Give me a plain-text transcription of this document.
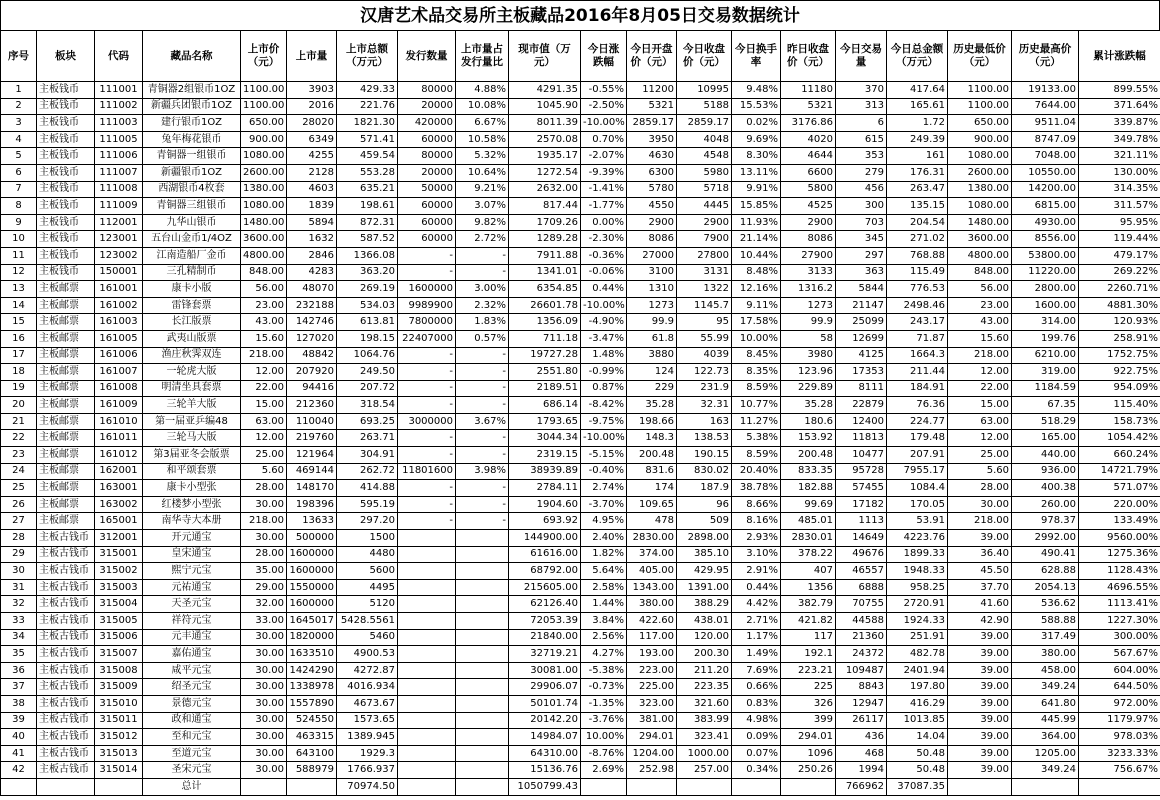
汉唐艺术品交易所主板藏品2016年8月05日交易数据统计
序号	板块	代码	藏品名称	上市价（元）	上市量	上市总额（万元）	发行数量	上市量占发行量比	现市值（万元）	今日涨跌幅	今日开盘价（元）	今日收盘价（元）	今日换手率	昨日收盘价（元）	今日交易量	今日总金额（万元）	历史最低价（元）	历史最高价（元）	累计涨跌幅
1	主板钱币	111001	青铜器2组银币1OZ	1100.00	3903	429.33	80000	4.88%	4291.35	-0.55%	11200	10995	9.48%	11180	370	417.64	1100.00	19133.00	899.55%
2	主板钱币	111002	新疆兵团银币1OZ	1100.00	2016	221.76	20000	10.08%	1045.90	-2.50%	5321	5188	15.53%	5321	313	165.61	1100.00	7644.00	371.64%
3	主板钱币	111003	建行银币1OZ	650.00	28020	1821.30	420000	6.67%	8011.39	-10.00%	2859.17	2859.17	0.02%	3176.86	6	1.72	650.00	9511.04	339.87%
4	主板钱币	111005	兔年梅花银币	900.00	6349	571.41	60000	10.58%	2570.08	0.70%	3950	4048	9.69%	4020	615	249.39	900.00	8747.09	349.78%
5	主板钱币	111006	青铜器一组银币	1080.00	4255	459.54	80000	5.32%	1935.17	-2.07%	4630	4548	8.30%	4644	353	161	1080.00	7048.00	321.11%
6	主板钱币	111007	新疆银币1OZ	2600.00	2128	553.28	20000	10.64%	1272.54	-9.39%	6300	5980	13.11%	6600	279	176.31	2600.00	10550.00	130.00%
7	主板钱币	111008	西湖银币4枚套	1380.00	4603	635.21	50000	9.21%	2632.00	-1.41%	5780	5718	9.91%	5800	456	263.47	1380.00	14200.00	314.35%
8	主板钱币	111009	青铜器三组银币	1080.00	1839	198.61	60000	3.07%	817.44	-1.77%	4550	4445	15.85%	4525	300	135.15	1080.00	6815.00	311.57%
9	主板钱币	112001	九华山银币	1480.00	5894	872.31	60000	9.82%	1709.26	0.00%	2900	2900	11.93%	2900	703	204.54	1480.00	4930.00	95.95%
10	主板钱币	123001	五台山金币1/4OZ	3600.00	1632	587.52	60000	2.72%	1289.28	-2.30%	8086	7900	21.14%	8086	345	271.02	3600.00	8556.00	119.44%
11	主板钱币	123002	江南造船厂金币	4800.00	2846	1366.08	-	-	7911.88	-0.36%	27000	27800	10.44%	27900	297	768.88	4800.00	53800.00	479.17%
12	主板钱币	150001	三孔精制币	848.00	4283	363.20	-	-	1341.01	-0.06%	3100	3131	8.48%	3133	363	115.49	848.00	11220.00	269.22%
13	主板邮票	161001	康卡小版	56.00	48070	269.19	1600000	3.00%	6354.85	0.44%	1310	1322	12.16%	1316.2	5844	776.53	56.00	2800.00	2260.71%
14	主板邮票	161002	雷锋套票	23.00	232188	534.03	9989900	2.32%	26601.78	-10.00%	1273	1145.7	9.11%	1273	21147	2498.46	23.00	1600.00	4881.30%
15	主板邮票	161003	长江版票	43.00	142746	613.81	7800000	1.83%	1356.09	-4.90%	99.9	95	17.58%	99.9	25099	243.17	43.00	314.00	120.93%
16	主板邮票	161005	武夷山版票	15.60	127020	198.15	22407000	0.57%	711.18	-3.47%	61.8	55.99	10.00%	58	12699	71.87	15.60	199.76	258.91%
17	主板邮票	161006	渔庄秋霁双连	218.00	48842	1064.76	-	-	19727.28	1.48%	3880	4039	8.45%	3980	4125	1664.3	218.00	6210.00	1752.75%
18	主板邮票	161007	一轮虎大版	12.00	207920	249.50	-	-	2551.80	-0.99%	124	122.73	8.35%	123.96	17353	211.44	12.00	319.00	922.75%
19	主板邮票	161008	明清坐具套票	22.00	94416	207.72	-	-	2189.51	0.87%	229	231.9	8.59%	229.89	8111	184.91	22.00	1184.59	954.09%
20	主板邮票	161009	三轮羊大版	15.00	212360	318.54	-	-	686.14	-8.42%	35.28	32.31	10.77%	35.28	22879	76.36	15.00	67.35	115.40%
21	主板邮票	161010	第一届亚乒编48	63.00	110040	693.25	3000000	3.67%	1793.65	-9.75%	198.66	163	11.27%	180.6	12400	224.77	63.00	518.29	158.73%
22	主板邮票	161011	三轮马大版	12.00	219760	263.71	-	-	3044.34	-10.00%	148.3	138.53	5.38%	153.92	11813	179.48	12.00	165.00	1054.42%
23	主板邮票	161012	第3届亚冬会版票	25.00	121964	304.91	-	-	2319.15	-5.15%	200.48	190.15	8.59%	200.48	10477	207.91	25.00	440.00	660.24%
24	主板邮票	162001	和平颂套票	5.60	469144	262.72	11801600	3.98%	38939.89	-0.40%	831.6	830.02	20.40%	833.35	95728	7955.17	5.60	936.00	14721.79%
25	主板邮票	163001	康卡小型张	28.00	148170	414.88	-	-	2784.11	2.74%	174	187.9	38.78%	182.88	57455	1084.4	28.00	400.38	571.07%
26	主板邮票	163002	红楼梦小型张	30.00	198396	595.19	-	-	1904.60	-3.70%	109.65	96	8.66%	99.69	17182	170.05	30.00	260.00	220.00%
27	主板邮票	165001	南华寺大本册	218.00	13633	297.20	-	-	693.92	4.95%	478	509	8.16%	485.01	1113	53.91	218.00	978.37	133.49%
28	主板古钱币	312001	开元通宝	30.00	500000	1500			144900.00	2.40%	2830.00	2898.00	2.93%	2830.01	14649	4223.76	39.00	2992.00	9560.00%
29	主板古钱币	315001	皇宋通宝	28.00	1600000	4480			61616.00	1.82%	374.00	385.10	3.10%	378.22	49676	1899.33	36.40	490.41	1275.36%
30	主板古钱币	315002	熙宁元宝	35.00	1600000	5600			68792.00	5.64%	405.00	429.95	2.91%	407	46557	1948.33	45.50	628.88	1128.43%
31	主板古钱币	315003	元祐通宝	29.00	1550000	4495			215605.00	2.58%	1343.00	1391.00	0.44%	1356	6888	958.25	37.70	2054.13	4696.55%
32	主板古钱币	315004	天圣元宝	32.00	1600000	5120			62126.40	1.44%	380.00	388.29	4.42%	382.79	70755	2720.91	41.60	536.62	1113.41%
33	主板古钱币	315005	祥符元宝	33.00	1645017	5428.5561			72053.39	3.84%	422.60	438.01	2.71%	421.82	44588	1924.33	42.90	588.88	1227.30%
34	主板古钱币	315006	元丰通宝	30.00	1820000	5460			21840.00	2.56%	117.00	120.00	1.17%	117	21360	251.91	39.00	317.49	300.00%
35	主板古钱币	315007	嘉佑通宝	30.00	1633510	4900.53			32719.21	4.27%	193.00	200.30	1.49%	192.1	24372	482.78	39.00	380.00	567.67%
36	主板古钱币	315008	咸平元宝	30.00	1424290	4272.87			30081.00	-5.38%	223.00	211.20	7.69%	223.21	109487	2401.94	39.00	458.00	604.00%
37	主板古钱币	315009	绍圣元宝	30.00	1338978	4016.934			29906.07	-0.73%	225.00	223.35	0.66%	225	8843	197.80	39.00	349.24	644.50%
38	主板古钱币	315010	景德元宝	30.00	1557890	4673.67			50101.74	-1.35%	323.00	321.60	0.83%	326	12947	416.29	39.00	641.80	972.00%
39	主板古钱币	315011	政和通宝	30.00	524550	1573.65			20142.20	-3.76%	381.00	383.99	4.98%	399	26117	1013.85	39.00	445.99	1179.97%
40	主板古钱币	315012	至和元宝	30.00	463315	1389.945			14984.07	10.00%	294.01	323.41	0.09%	294.01	436	14.04	39.00	364.00	978.03%
41	主板古钱币	315013	至道元宝	30.00	643100	1929.3			64310.00	-8.76%	1204.00	1000.00	0.07%	1096	468	50.48	39.00	1205.00	3233.33%
42	主板古钱币	315014	圣宋元宝	30.00	588979	1766.937			15136.76	2.69%	252.98	257.00	0.34%	250.26	1994	50.48	39.00	349.24	756.67%
			总计			70974.50			1050799.43						766962	37087.35			
